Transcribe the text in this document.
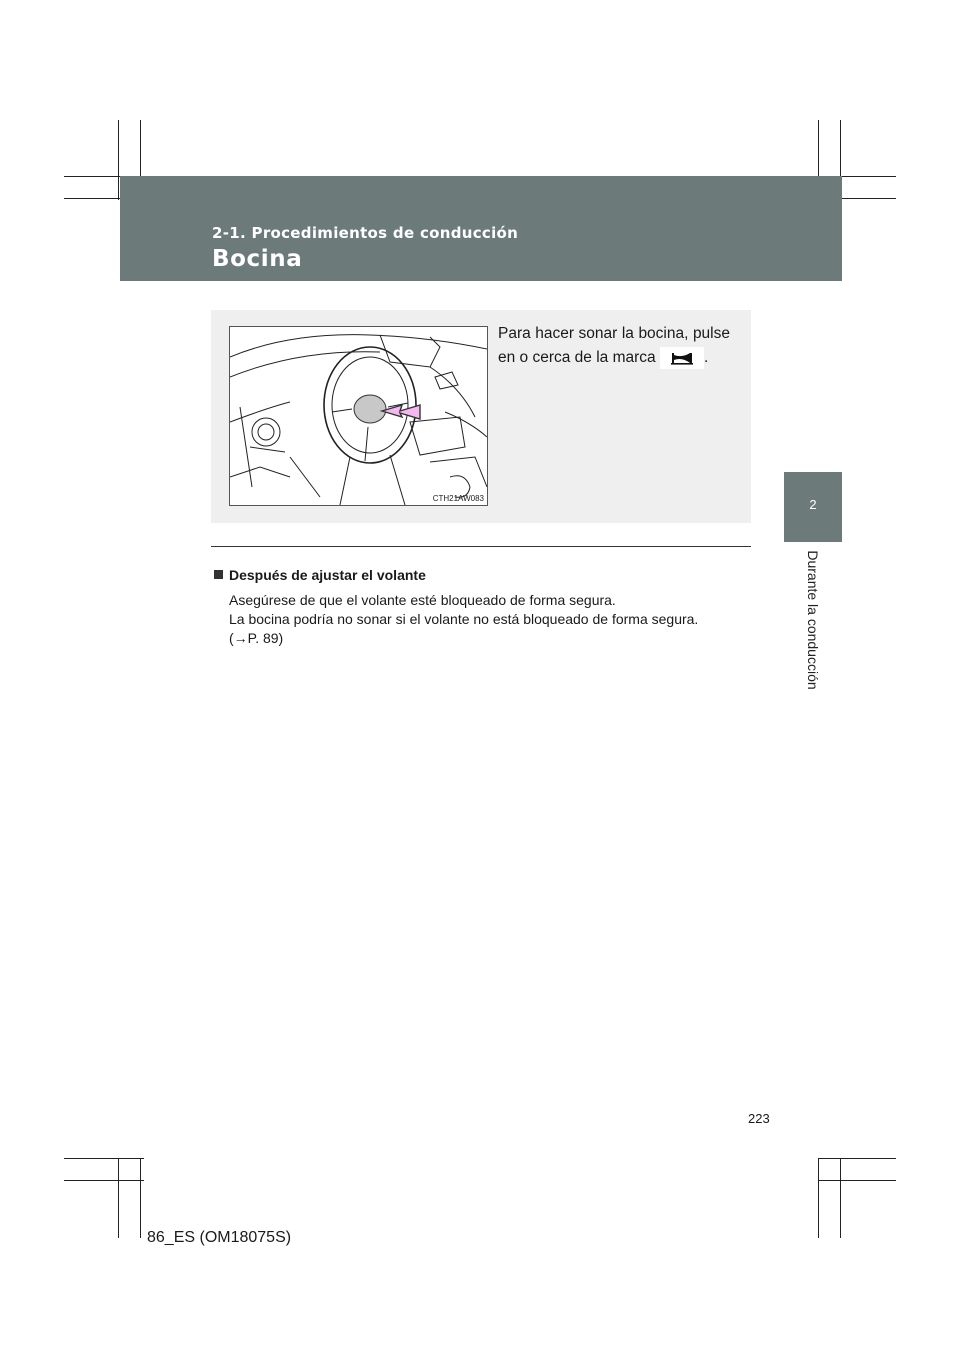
2-1. Procedimientos de conducción
Bocina
2
Durante la conducción
CTH21AW083
Para hacer sonar la bocina, pulse en o cerca de la marca	.
Después de ajustar el volante
Asegúrese de que el volante esté bloqueado de forma segura.
La bocina podría no sonar si el volante no está bloqueado de forma segura.
(→P. 89)
223
86_ES (OM18075S)
